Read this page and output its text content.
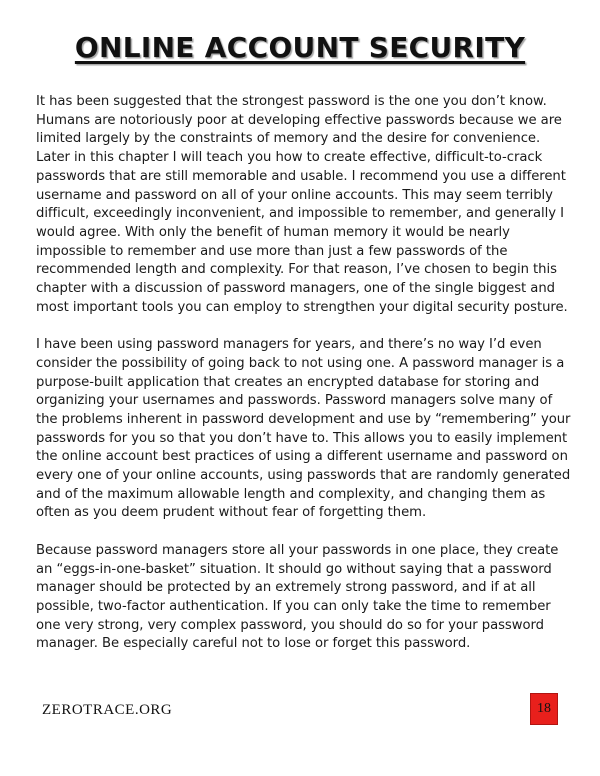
ONLINE ACCOUNT SECURITY

It has been suggested that the strongest password is the one you don’t know. Humans are notoriously poor at developing effective passwords because we are limited largely by the constraints of memory and the desire for convenience. Later in this chapter I will teach you how to create effective, difficult-to-crack passwords that are still memorable and usable. I recommend you use a different username and password on all of your online accounts. This may seem terribly difficult, exceedingly inconvenient, and impossible to remember, and generally I would agree. With only the benefit of human memory it would be nearly impossible to remember and use more than just a few passwords of the recommended length and complexity. For that reason, I’ve chosen to begin this chapter with a discussion of password managers, one of the single biggest and most important tools you can employ to strengthen your digital security posture.

I have been using password managers for years, and there’s no way I’d even consider the possibility of going back to not using one. A password manager is a purpose-built application that creates an encrypted database for storing and organizing your usernames and passwords. Password managers solve many of the problems inherent in password development and use by “remembering” your passwords for you so that you don’t have to. This allows you to easily implement the online account best practices of using a different username and password on every one of your online accounts, using passwords that are randomly generated and of the maximum allowable length and complexity, and changing them as often as you deem prudent without fear of forgetting them.

Because password managers store all your passwords in one place, they create an “eggs-in-one-basket” situation. It should go without saying that a password manager should be protected by an extremely strong password, and if at all possible, two-factor authentication. If you can only take the time to remember one very strong, very complex password, you should do so for your password manager. Be especially careful not to lose or forget this password.

ZEROTRACE.ORG	18
